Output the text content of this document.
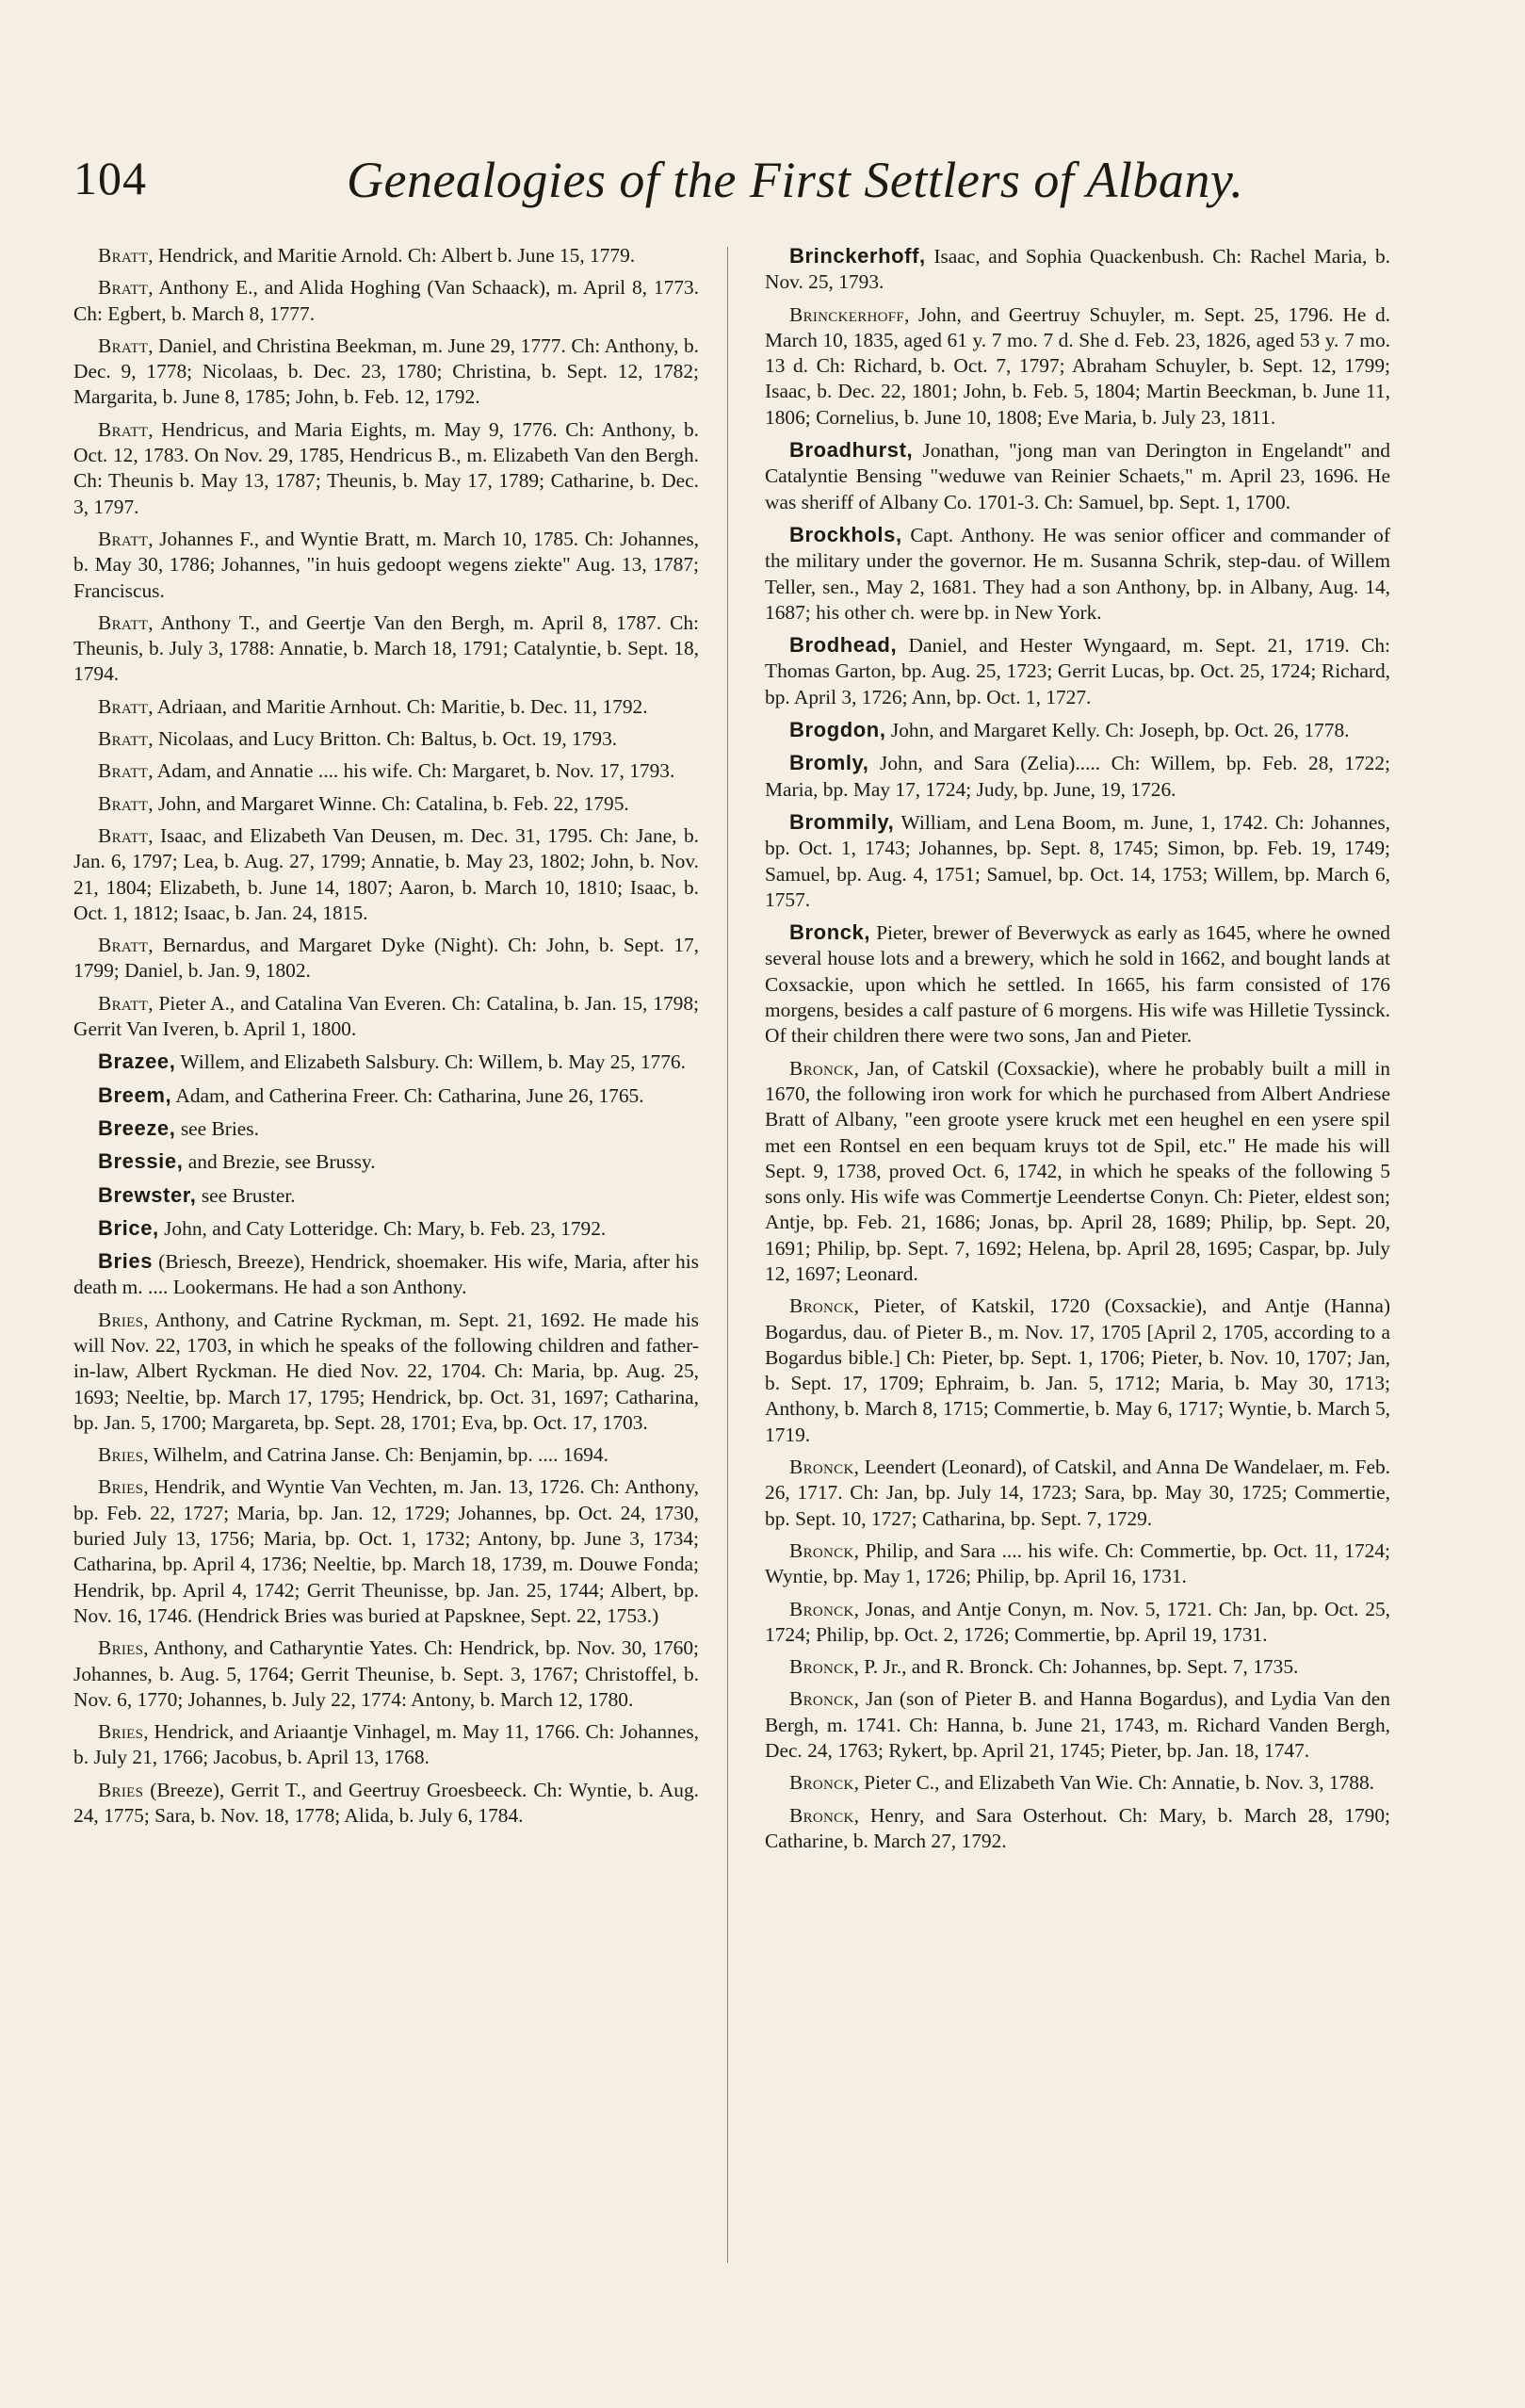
104	Genealogies of the First Settlers of Albany.

Bratt, Hendrick, and Maritie Arnold. Ch: Albert b. June 15, 1779.

Bratt, Anthony E., and Alida Hoghing (Van Schaack), m. April 8, 1773. Ch: Egbert, b. March 8, 1777.

Bratt, Daniel, and Christina Beekman, m. June 29, 1777. Ch: Anthony, b. Dec. 9, 1778; Nicolaas, b. Dec. 23, 1780; Christina, b. Sept. 12, 1782; Margarita, b. June 8, 1785; John, b. Feb. 12, 1792.

Bratt, Hendricus, and Maria Eights, m. May 9, 1776. Ch: Anthony, b. Oct. 12, 1783. On Nov. 29, 1785, Hendricus B., m. Elizabeth Van den Bergh. Ch: Theunis b. May 13, 1787; Theunis, b. May 17, 1789; Catharine, b. Dec. 3, 1797.

Bratt, Johannes F., and Wyntie Bratt, m. March 10, 1785. Ch: Johannes, b. May 30, 1786; Johannes, "in huis gedoopt wegens ziekte" Aug. 13, 1787; Franciscus.

Bratt, Anthony T., and Geertje Van den Bergh, m. April 8, 1787. Ch: Theunis, b. July 3, 1788: Annatie, b. March 18, 1791; Catalyntie, b. Sept. 18, 1794.

Bratt, Adriaan, and Maritie Arnhout. Ch: Maritie, b. Dec. 11, 1792.

Bratt, Nicolaas, and Lucy Britton. Ch: Baltus, b. Oct. 19, 1793.

Bratt, Adam, and Annatie .... his wife. Ch: Margaret, b. Nov. 17, 1793.

Bratt, John, and Margaret Winne. Ch: Catalina, b. Feb. 22, 1795.

Bratt, Isaac, and Elizabeth Van Deusen, m. Dec. 31, 1795. Ch: Jane, b. Jan. 6, 1797; Lea, b. Aug. 27, 1799; Annatie, b. May 23, 1802; John, b. Nov. 21, 1804; Elizabeth, b. June 14, 1807; Aaron, b. March 10, 1810; Isaac, b. Oct. 1, 1812; Isaac, b. Jan. 24, 1815.

Bratt, Bernardus, and Margaret Dyke (Night). Ch: John, b. Sept. 17, 1799; Daniel, b. Jan. 9, 1802.

Bratt, Pieter A., and Catalina Van Everen. Ch: Catalina, b. Jan. 15, 1798; Gerrit Van Iveren, b. April 1, 1800.

Brazee, Willem, and Elizabeth Salsbury. Ch: Willem, b. May 25, 1776.

Breem, Adam, and Catherina Freer. Ch: Catharina, June 26, 1765.

Breeze, see Bries.

Bressie, and Brezie, see Brussy.

Brewster, see Bruster.

Brice, John, and Caty Lotteridge. Ch: Mary, b. Feb. 23, 1792.

Bries (Briesch, Breeze), Hendrick, shoemaker. His wife, Maria, after his death m. .... Lookermans. He had a son Anthony.

Bries, Anthony, and Catrine Ryckman, m. Sept. 21, 1692. He made his will Nov. 22, 1703, in which he speaks of the following children and father-in-law, Albert Ryckman. He died Nov. 22, 1704. Ch: Maria, bp. Aug. 25, 1693; Neeltie, bp. March 17, 1795; Hendrick, bp. Oct. 31, 1697; Catharina, bp. Jan. 5, 1700; Margareta, bp. Sept. 28, 1701; Eva, bp. Oct. 17, 1703.

Bries, Wilhelm, and Catrina Janse. Ch: Benjamin, bp. .... 1694.

Bries, Hendrik, and Wyntie Van Vechten, m. Jan. 13, 1726. Ch: Anthony, bp. Feb. 22, 1727; Maria, bp. Jan. 12, 1729; Johannes, bp. Oct. 24, 1730, buried July 13, 1756; Maria, bp. Oct. 1, 1732; Antony, bp. June 3, 1734; Catharina, bp. April 4, 1736; Neeltie, bp. March 18, 1739, m. Douwe Fonda; Hendrik, bp. April 4, 1742; Gerrit Theunisse, bp. Jan. 25, 1744; Albert, bp. Nov. 16, 1746. (Hendrick Bries was buried at Papsknee, Sept. 22, 1753.)

Bries, Anthony, and Catharyntie Yates. Ch: Hendrick, bp. Nov. 30, 1760; Johannes, b. Aug. 5, 1764; Gerrit Theunise, b. Sept. 3, 1767; Christoffel, b. Nov. 6, 1770; Johannes, b. July 22, 1774: Antony, b. March 12, 1780.

Bries, Hendrick, and Ariaantje Vinhagel, m. May 11, 1766. Ch: Johannes, b. July 21, 1766; Jacobus, b. April 13, 1768.

Bries (Breeze), Gerrit T., and Geertruy Groesbeeck. Ch: Wyntie, b. Aug. 24, 1775; Sara, b. Nov. 18, 1778; Alida, b. July 6, 1784.

Brinckerhoff, Isaac, and Sophia Quackenbush. Ch: Rachel Maria, b. Nov. 25, 1793.

Brinckerhoff, John, and Geertruy Schuyler, m. Sept. 25, 1796. He d. March 10, 1835, aged 61 y. 7 mo. 7 d. She d. Feb. 23, 1826, aged 53 y. 7 mo. 13 d. Ch: Richard, b. Oct. 7, 1797; Abraham Schuyler, b. Sept. 12, 1799; Isaac, b. Dec. 22, 1801; John, b. Feb. 5, 1804; Martin Beeckman, b. June 11, 1806; Cornelius, b. June 10, 1808; Eve Maria, b. July 23, 1811.

Broadhurst, Jonathan, "jong man van Derington in Engelandt" and Catalyntie Bensing "weduwe van Reinier Schaets," m. April 23, 1696. He was sheriff of Albany Co. 1701-3. Ch: Samuel, bp. Sept. 1, 1700.

Brockhols, Capt. Anthony. He was senior officer and commander of the military under the governor. He m. Susanna Schrik, step-dau. of Willem Teller, sen., May 2, 1681. They had a son Anthony, bp. in Albany, Aug. 14, 1687; his other ch. were bp. in New York.

Brodhead, Daniel, and Hester Wyngaard, m. Sept. 21, 1719. Ch: Thomas Garton, bp. Aug. 25, 1723; Gerrit Lucas, bp. Oct. 25, 1724; Richard, bp. April 3, 1726; Ann, bp. Oct. 1, 1727.

Brogdon, John, and Margaret Kelly. Ch: Joseph, bp. Oct. 26, 1778.

Bromly, John, and Sara (Zelia)..... Ch: Willem, bp. Feb. 28, 1722; Maria, bp. May 17, 1724; Judy, bp. June, 19, 1726.

Brommily, William, and Lena Boom, m. June, 1, 1742. Ch: Johannes, bp. Oct. 1, 1743; Johannes, bp. Sept. 8, 1745; Simon, bp. Feb. 19, 1749; Samuel, bp. Aug. 4, 1751; Samuel, bp. Oct. 14, 1753; Willem, bp. March 6, 1757.

Bronck, Pieter, brewer of Beverwyck as early as 1645, where he owned several house lots and a brewery, which he sold in 1662, and bought lands at Coxsackie, upon which he settled. In 1665, his farm consisted of 176 morgens, besides a calf pasture of 6 morgens. His wife was Hilletie Tyssinck. Of their children there were two sons, Jan and Pieter.

Bronck, Jan, of Catskil (Coxsackie), where he probably built a mill in 1670, the following iron work for which he purchased from Albert Andriese Bratt of Albany, "een groote ysere kruck met een heughel en een ysere spil met een Rontsel en een bequam kruys tot de Spil, etc." He made his will Sept. 9, 1738, proved Oct. 6, 1742, in which he speaks of the following 5 sons only. His wife was Commertje Leendertse Conyn. Ch: Pieter, eldest son; Antje, bp. Feb. 21, 1686; Jonas, bp. April 28, 1689; Philip, bp. Sept. 20, 1691; Philip, bp. Sept. 7, 1692; Helena, bp. April 28, 1695; Caspar, bp. July 12, 1697; Leonard.

Bronck, Pieter, of Katskil, 1720 (Coxsackie), and Antje (Hanna) Bogardus, dau. of Pieter B., m. Nov. 17, 1705 [April 2, 1705, according to a Bogardus bible.] Ch: Pieter, bp. Sept. 1, 1706; Pieter, b. Nov. 10, 1707; Jan, b. Sept. 17, 1709; Ephraim, b. Jan. 5, 1712; Maria, b. May 30, 1713; Anthony, b. March 8, 1715; Commertie, b. May 6, 1717; Wyntie, b. March 5, 1719.

Bronck, Leendert (Leonard), of Catskil, and Anna De Wandelaer, m. Feb. 26, 1717. Ch: Jan, bp. July 14, 1723; Sara, bp. May 30, 1725; Commertie, bp. Sept. 10, 1727; Catharina, bp. Sept. 7, 1729.

Bronck, Philip, and Sara .... his wife. Ch: Commertie, bp. Oct. 11, 1724; Wyntie, bp. May 1, 1726; Philip, bp. April 16, 1731.

Bronck, Jonas, and Antje Conyn, m. Nov. 5, 1721. Ch: Jan, bp. Oct. 25, 1724; Philip, bp. Oct. 2, 1726; Commertie, bp. April 19, 1731.

Bronck, P. Jr., and R. Bronck. Ch: Johannes, bp. Sept. 7, 1735.

Bronck, Jan (son of Pieter B. and Hanna Bogardus), and Lydia Van den Bergh, m. 1741. Ch: Hanna, b. June 21, 1743, m. Richard Vanden Bergh, Dec. 24, 1763; Rykert, bp. April 21, 1745; Pieter, bp. Jan. 18, 1747.

Bronck, Pieter C., and Elizabeth Van Wie. Ch: Annatie, b. Nov. 3, 1788.

Bronck, Henry, and Sara Osterhout. Ch: Mary, b. March 28, 1790; Catharine, b. March 27, 1792.
